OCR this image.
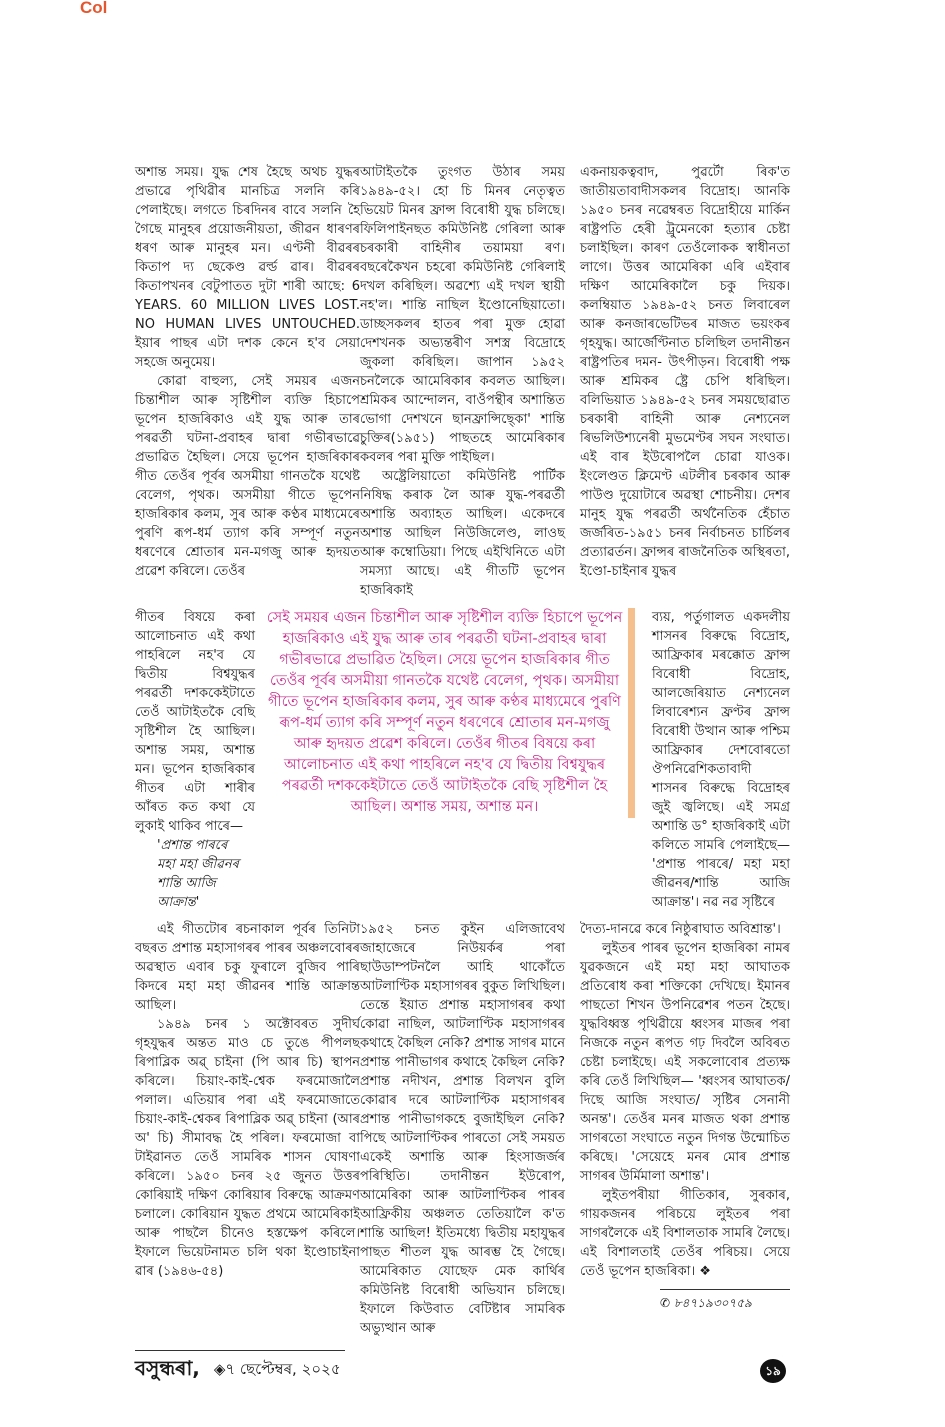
Col

অশান্ত সময়। যুদ্ধ শেষ হৈছে অথচ যুদ্ধৰ প্ৰভাৱে পৃথিৱীৰ মানচিত্ৰ সলনি কৰি পেলাইছে। লগতে চিৰদিনৰ বাবে সলনি হৈ গৈছে মানুহৰ প্ৰয়োজনীয়তা, জীৱন ধাৰণৰ ধৰণ আৰু মানুহৰ মন। এণ্টনী বীৱৰৰ কিতাপ দ্য ছেকেণ্ড ৱৰ্ল্ড ৱাৰ। বীৱৰৰ কিতাপখনৰ বেটুপাতত দুটা শাৰী আছে: 6 YEARS. 60 MILLION LIVES LOST. NO HUMAN LIVES UNTOUCHED. ইয়াৰ পাছৰ এটা দশক কেনে হ'ব সেয়া সহজে অনুমেয়।

কোৱা বাহুল্য, সেই সময়ৰ এজন চিন্তাশীল আৰু সৃষ্টিশীল ব্যক্তি হিচাপে ভূপেন হাজৰিকাও এই যুদ্ধ আৰু তাৰ পৰৱৰ্তী ঘটনা-প্ৰবাহৰ দ্বাৰা গভীৰভাৱে প্ৰভাৱিত হৈছিল। সেয়ে ভূপেন হাজৰিকাৰ গীত তেওঁৰ পূৰ্বৰ অসমীয়া গানতকৈ যথেষ্ট বেলেগ, পৃথক। অসমীয়া গীতে ভূপেন হাজৰিকাৰ কলম, সুৰ আৰু কণ্ঠৰ মাধ্যমেৰে পুৰণি ৰূপ-ধৰ্ম ত্যাগ কৰি সম্পূৰ্ণ নতুন ধৰণেৰে শ্ৰোতাৰ মন-মগজু আৰু হৃদয়ত প্ৰৱেশ কৰিলে। তেওঁৰ

আটাইতকৈ তুংগত উঠাৰ সময় ১৯৪৯-৫২। হো চি মিনৰ নেতৃত্বত ভিয়েট মিনৰ ফ্ৰান্স বিৰোধী যুদ্ধ চলিছে। ফিলিপাইনছত কমিউনিষ্ট গেৰিলা আৰু চৰকাৰী বাহিনীৰ তয়াময়া ৰণ। বছৰেকৈখন চহৰো কমিউনিষ্ট গেৰিলাই দখল কৰিছিল। অৱশ্যে এই দখল স্থায়ী নহ'ল। শান্তি নাছিল ইণ্ডোনেছিয়াতো। ডাচ্ছসকলৰ হাতৰ পৰা মুক্ত হোৱা দেশখনক অভ্যন্তৰীণ সশস্ত্ৰ বিদ্ৰোহে জুকলা কৰিছিল। জাপান ১৯৫২ চনলৈকে আমেৰিকাৰ কবলত আছিল। শ্ৰমিকৰ আন্দোলন, বাওঁপন্থীৰ অশান্তিত ভোগা দেশখনে ছানফ্ৰান্সিছ্কো' শান্তি চুক্তিৰ(১৯৫১) পাছতহে আমেৰিকাৰ কবলৰ পৰা মুক্তি পাইছিল।

অষ্ট্ৰেলিয়াতো কমিউনিষ্ট পাৰ্টিক নিষিদ্ধ কৰাক লৈ আৰু যুদ্ধ-পৰৱৰ্তী অশান্তি অব্যাহত আছিল। একেদৰে অশান্ত আছিল নিউজিলেণ্ড, লাওছ আৰু কম্বোডিয়া। পিছে এইখিনিতে এটা সমস্যা আছে। এই গীতটি ভূপেন হাজৰিকাই

একনায়কত্ববাদ, পুৱৰ্টো ৰিক'ত জাতীয়তাবাদীসকলৰ বিদ্ৰোহ। আনকি ১৯৫০ চনৰ নৱেম্বৰত বিদ্ৰোহীয়ে মাৰ্কিন ৰাষ্ট্ৰপতি হেৰী ট্ৰুমেনকো হত্যাৰ চেষ্টা চলাইছিল। কাৰণ তেওঁলোকক স্বাধীনতা লাগে। উত্তৰ আমেৰিকা এৰি এইবাৰ দক্ষিণ আমেৰিকালৈ চকু দিয়ক। কলম্বিয়াত ১৯৪৯-৫২ চনত লিবাৰেল আৰু কনজাৰভেটিভৰ মাজত ভয়ংকৰ গৃহযুদ্ধ। আৰ্জেণ্টিনাত চলিছিল তদানীন্তন ৰাষ্ট্ৰপতিৰ দমন- উৎপীড়ন। বিৰোধী পক্ষ আৰু শ্ৰমিকৰ ষ্ট্ৰে চেপি ধৰিছিল। বলিভিয়াত ১৯৪৯-৫২ চনৰ সময়ছোৱাত চৰকাৰী বাহিনী আৰু নেশ্যনেল ৰিভলিউশ্যনেৰী মুভমেণ্টৰ সঘন সংঘাত। এই বাৰ ইউৰোপলৈ চোৱা যাওক। ইংলেণ্ডত ক্লিমেণ্ট এটলীৰ চৰকাৰ আৰু পাউণ্ড দুয়োটাৰে অৱস্থা শোচনীয়। দেশৰ মানুহ যুদ্ধ পৰৱৰ্তী অৰ্থনৈতিক হেঁচাত জৰ্জৰিত-১৯৫১ চনৰ নিৰ্বাচনত চাৰ্চিলৰ প্ৰত্যাৱৰ্তন। ফ্ৰান্সৰ ৰাজনৈতিক অস্থিৰতা, ইণ্ডো-চাইনাৰ যুদ্ধৰ

গীতৰ বিষয়ে কৰা আলোচনাত এই কথা পাহৰিলে নহ'ব যে দ্বিতীয় বিশ্বযুদ্ধৰ পৰৱৰ্তী দশককেইটাতে তেওঁ আটাইতকৈ বেছি সৃষ্টিশীল হৈ আছিল। অশান্ত সময়, অশান্ত মন। ভূপেন হাজৰিকাৰ গীতৰ এটা শাৰীৰ আঁৰত কত কথা যে লুকাই থাকিব পাৰে—

'প্ৰশান্ত পাৰৰে
মহা মহা জীৱনৰ
শান্তি আজি
আক্ৰান্ত'
সেই সময়ৰ এজন চিন্তাশীল আৰু সৃষ্টিশীল ব্যক্তি হিচাপে ভূপেন হাজৰিকাও এই যুদ্ধ আৰু তাৰ পৰৱৰ্তী ঘটনা-প্ৰবাহৰ দ্বাৰা গভীৰভাৱে প্ৰভাৱিত হৈছিল। সেয়ে ভূপেন হাজৰিকাৰ গীত তেওঁৰ পূৰ্বৰ অসমীয়া গানতকৈ যথেষ্ট বেলেগ, পৃথক। অসমীয়া গীতে ভূপেন হাজৰিকাৰ কলম, সুৰ আৰু কণ্ঠৰ মাধ্যমেৰে পুৰণি ৰূপ-ধৰ্ম ত্যাগ কৰি সম্পূৰ্ণ নতুন ধৰণেৰে শ্ৰোতাৰ মন-মগজু আৰু হৃদয়ত প্ৰৱেশ কৰিলে। তেওঁৰ গীতৰ বিষয়ে কৰা আলোচনাত এই কথা পাহৰিলে নহ'ব যে দ্বিতীয় বিশ্বযুদ্ধৰ পৰৱৰ্তী দশককেইটাতে তেওঁ আটাইতকৈ বেছি সৃষ্টিশীল হৈ আছিল। অশান্ত সময়, অশান্ত মন।

ব্যয়, পৰ্তুগালত একদলীয় শাসনৰ বিৰুদ্ধে বিদ্ৰোহ, আফ্ৰিকাৰ মৰক্কোত ফ্ৰান্স বিৰোধী বিদ্ৰোহ, আলজেৰিয়াত নেশ্যনেল লিবাৰেশ্যন ফ্ৰণ্টৰ ফ্ৰান্স বিৰোধী উত্থান আৰু পশ্চিম আফ্ৰিকাৰ দেশবোৰতো ঔপনিৱেশিকতাবাদী শাসনৰ বিৰুদ্ধে বিদ্ৰোহৰ জুই জ্বলিছে। এই সমগ্ৰ অশান্তি ড° হাজৰিকাই এটা কলিতে সামৰি পেলাইছে— 'প্ৰশান্ত পাৰৰে/ মহা মহা জীৱনৰ/শান্তি আজি আক্ৰান্ত'। নৱ নৱ সৃষ্টিৰে

এই গীতটোৰ ৰচনাকাল পূৰ্বৰ তিনিটা বছৰত প্ৰশান্ত মহাসাগৰৰ পাৰৰ অঞ্চলবোৰৰ অৱস্থাত এবাৰ চকু ফুৰালে বুজিব পাৰি কিদৰে মহা মহা জীৱনৰ শান্তি আক্ৰান্ত আছিল।

১৯৪৯ চনৰ ১ অক্টোবৰত সুদীৰ্ঘ গৃহযুদ্ধৰ অন্তত মাও চে তুঙে পীপলছ ৰিপাব্লিক অৱ্ চাইনা (পি আৰ চি) স্থাপন কৰিলে। চিয়াং-কাই-শ্বেক ফৰমোজালৈ পলাল। এতিয়াৰ পৰা এই ফৰমোজাতে চিয়াং-কাই-শ্বেকৰ ৰিপাব্লিক অৱ্ চাইনা (আৰ অ' চি) সীমাবদ্ধ হৈ পৰিল। ফৰমোজা বা টাইৱানত তেওঁ সামৰিক শাসন ঘোষণা কৰিলে। ১৯৫০ চনৰ ২৫ জুনত উত্তৰ কোৰিয়াই দক্ষিণ কোৰিয়াৰ বিৰুদ্ধে আক্ৰমণ চলালে। কোৰিয়ান যুদ্ধত প্ৰথমে আমেৰিকাই আৰু পাছলৈ চীনেও হস্তক্ষেপ কৰিলে। ইফালে ভিয়েটনামত চলি থকা ইণ্ডোচাইনা ৱাৰ (১৯৪৬-৫৪)

১৯৫২ চনত কুইন এলিজাবেথ জাহাজেৰে নিউয়ৰ্কৰ পৰা ছাউডাম্পটনলৈ আহি থাকোঁতে আটলাণ্টিক মহাসাগৰৰ বুকুত লিখিছিল। তেন্তে ইয়াত প্ৰশান্ত মহাসাগৰৰ কথা কোৱা নাছিল, আটলাণ্টিক মহাসাগৰৰ কথাহে কৈছিল নেকি? প্ৰশান্ত সাগৰ মানে প্ৰশান্ত পানীভাগৰ কথাহে কৈছিল নেকি? প্ৰশান্ত নদীখন, প্ৰশান্ত বিলখন বুলি কোৱাৰ দৰে আটলাণ্টিক মহাসাগৰৰ প্ৰশান্ত পানীভাগকহে বুজাইছিল নেকি? পিছে আটলাণ্টিকৰ পাৰতো সেই সময়ত একেই অশান্তি আৰু হিংসাজৰ্জৰ পৰিস্থিতি। তদানীন্তন ইউৰোপ, আমেৰিকা আৰু আটলাণ্টিকৰ পাৰৰ আফ্ৰিকীয় অঞ্চলত তেতিয়ালৈ ক'ত শান্তি আছিল! ইতিমধ্যে দ্বিতীয় মহাযুদ্ধৰ পাছত শীতল যুদ্ধ আৰম্ভ হৈ গৈছে। আমেৰিকাত যোছেফ মেক কাৰ্থিৰ কমিউনিষ্ট বিৰোধী অভিযান চলিছে। ইফালে কিউবাত বেটিষ্টাৰ সামৰিক অভ্যুত্থান আৰু

দৈত্য-দানৱে কৰে নিষ্ঠুৰাঘাত অবিশ্ৰান্ত'।

লুইতৰ পাৰৰ ভূপেন হাজৰিকা নামৰ যুৱকজনে এই মহা মহা আঘাতক প্ৰতিৰোধ কৰা শক্তিকো দেখিছে। ইমানৰ পাছতো শিখন উপনিৱেশৰ পতন হৈছে। যুদ্ধবিধ্বস্ত পৃথিৱীয়ে ধ্বংসৰ মাজৰ পৰা নিজকে নতুন ৰূপত গঢ় দিবলৈ অবিৰত চেষ্টা চলাইছে। এই সকলোবোৰ প্ৰত্যক্ষ কৰি তেওঁ লিখিছিল— 'ধ্বংসৰ আঘাতক/ দিছে আজি সংঘাত/ সৃষ্টিৰ সেনানী অনন্ত'। তেওঁৰ মনৰ মাজত থকা প্ৰশান্ত সাগৰতো সংঘাতে নতুন দিগন্ত উন্মোচিত কৰিছে। 'সেয়েহে মনৰ মোৰ প্ৰশান্ত সাগৰৰ উৰ্মিমালা অশান্ত'।

লুইতপৰীয়া গীতিকাৰ, সুৰকাৰ, গায়কজনৰ পৰিচয়ে লুইতৰ পৰা সাগৰলৈকে এই বিশালতাক সামৰি লৈছে। এই বিশালতাই তেওঁৰ পৰিচয়। সেয়ে তেওঁ ভূপেন হাজৰিকা। ❖

✆ ৮৪৭১৯৩০৭৫৯
বসুন্ধৰা, ◈৭ ছেপ্টেম্বৰ, ২০২৫	১৯
